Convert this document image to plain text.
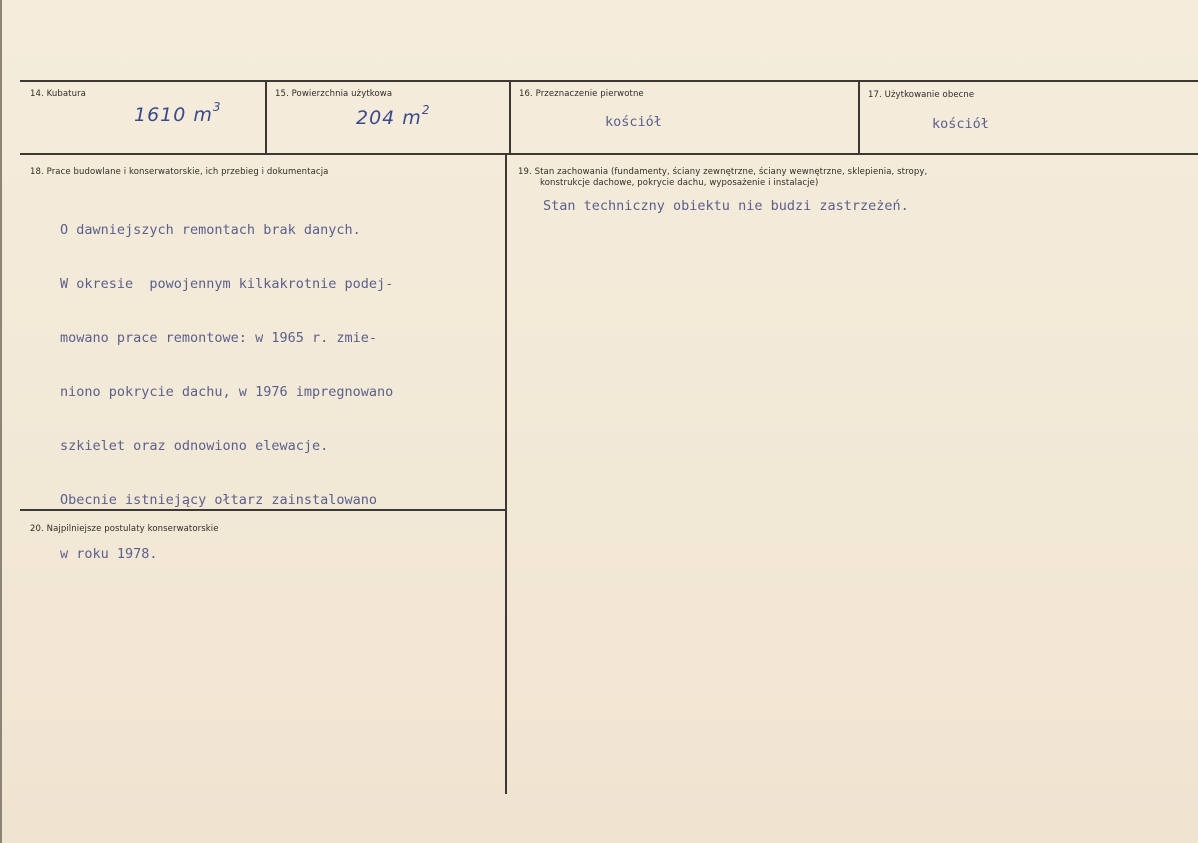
14. Kubatura
1610 $m^3$
15. Powierzchnia użytkowa
204 $m^2$
16. Przeznaczenie pierwotne
kościół
17. Użytkowanie obecne
kościół
18. Prace budowlane i konserwatorskie, ich przebieg i dokumentacja

O dawniejszych remontach brak danych.

W okresie  powojennym kilkakrotnie podej-

mowano prace remontowe: w 1965 r. zmie-

niono pokrycie dachu, w 1976 impregnowano

szkielet oraz odnowiono elewacje.

Obecnie istniejący ołtarz zainstalowano

w roku 1978.

19. Stan zachowania (fundamenty, ściany zewnętrzne, ściany wewnętrzne, sklepienia, stropy,
konstrukcje dachowe, pokrycie dachu, wyposażenie i instalacje)
Stan techniczny obiektu nie budzi zastrzeżeń.
20. Najpilniejsze postulaty konserwatorskie
